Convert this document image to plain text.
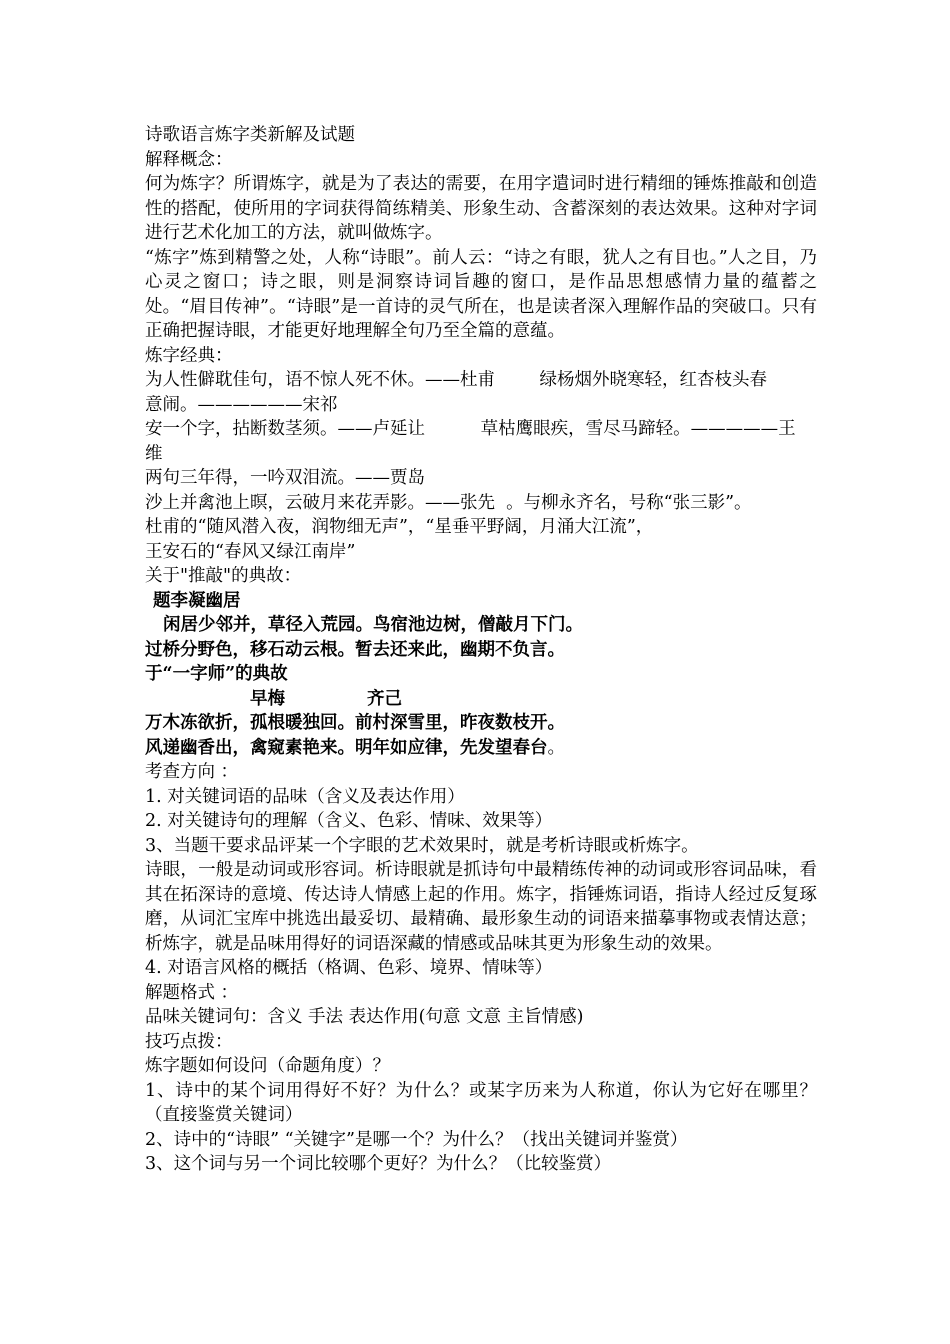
诗歌语言炼字类新解及试题
解释概念：
何为炼字？所谓炼字，就是为了表达的需要，在用字遣词时进行精细的锤炼推敲和创造性的搭配，使所用的字词获得简练精美、形象生动、含蓄深刻的表达效果。这种对字词进行艺术化加工的方法，就叫做炼字。
“炼字”炼到精警之处，人称“诗眼”。前人云：“诗之有眼，犹人之有目也。”人之目，乃心灵之窗口；诗之眼，则是洞察诗词旨趣的窗口，是作品思想感情力量的蕴蓄之处。“眉目传神”。“诗眼”是一首诗的灵气所在，也是读者深入理解作品的突破口。只有正确把握诗眼，才能更好地理解全句乃至全篇的意蕴。
炼字经典：
为人性僻耽佳句，语不惊人死不休。——杜甫        绿杨烟外晓寒轻，红杏枝头春
意闹。——————宋祁
安一个字，拈断数茎须。——卢延让          草枯鹰眼疾，雪尽马蹄轻。—————王
维
两句三年得，一吟双泪流。——贾岛
沙上并禽池上暝，云破月来花弄影。——张先  。与柳永齐名，号称“张三影”。
杜甫的“随风潜入夜，润物细无声”，“星垂平野阔，月涌大江流”，
王安石的“春风又绿江南岸”
关于"推敲"的典故：
题李凝幽居
闲居少邻并，草径入荒园。鸟宿池边树，僧敲月下门。
过桥分野色，移石动云根。暂去还来此，幽期不负言。
于“一字师”的典故
早梅	齐己
万木冻欲折，孤根暖独回。前村深雪里，昨夜数枝开。
风递幽香出，禽窥素艳来。明年如应律，先发望春台。
考查方向 ：
1. 对关键词语的品味（含义及表达作用）
2. 对关键诗句的理解（含义、色彩、情味、效果等）
3、当题干要求品评某一个字眼的艺术效果时，就是考析诗眼或析炼字。
诗眼，一般是动词或形容词。析诗眼就是抓诗句中最精练传神的动词或形容词品味，看其在拓深诗的意境、传达诗人情感上起的作用。炼字，指锤炼词语，指诗人经过反复琢磨，从词汇宝库中挑选出最妥切、最精确、最形象生动的词语来描摹事物或表情达意；析炼字，就是品味用得好的词语深藏的情感或品味其更为形象生动的效果。
4. 对语言风格的概括（格调、色彩、境界、情味等）
解题格式 ：
品味关键词句：含义 手法 表达作用(句意 文意 主旨情感)
技巧点拨：
炼字题如何设问（命题角度）？
1、诗中的某个词用得好不好？为什么？或某字历来为人称道，你认为它好在哪里？（直接鉴赏关键词）
2、诗中的“诗眼” “关键字”是哪一个？为什么？（找出关键词并鉴赏）
3、这个词与另一个词比较哪个更好？为什么？（比较鉴赏）
